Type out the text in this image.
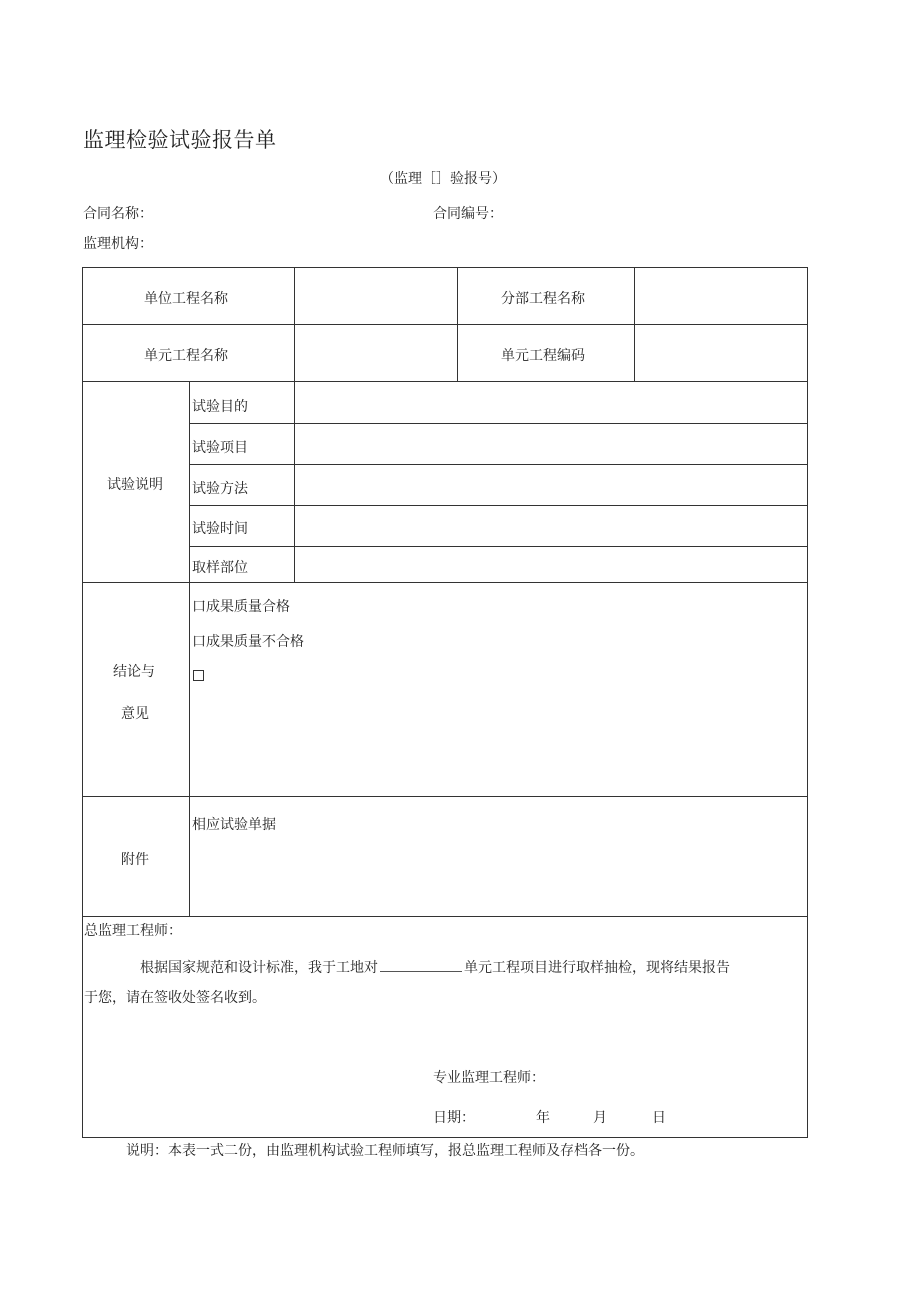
监理检验试验报告单
（监理［］验报号）
合同名称：	合同编号：
监理机构：
单位工程名称	分部工程名称
单元工程名称	单元工程编码
试验说明
试验目的
试验项目
试验方法
试验时间
取样部位
结论与
意见
口成果质量合格
口成果质量不合格
附件
相应试验单据
总监理工程师：
根据国家规范和设计标准，我于工地对	单元工程项目进行取样抽检，现将结果报告
于您，请在签收处签名收到。
专业监理工程师：
日期：	年	月	日
说明：本表一式二份，由监理机构试验工程师填写，报总监理工程师及存档各一份。
